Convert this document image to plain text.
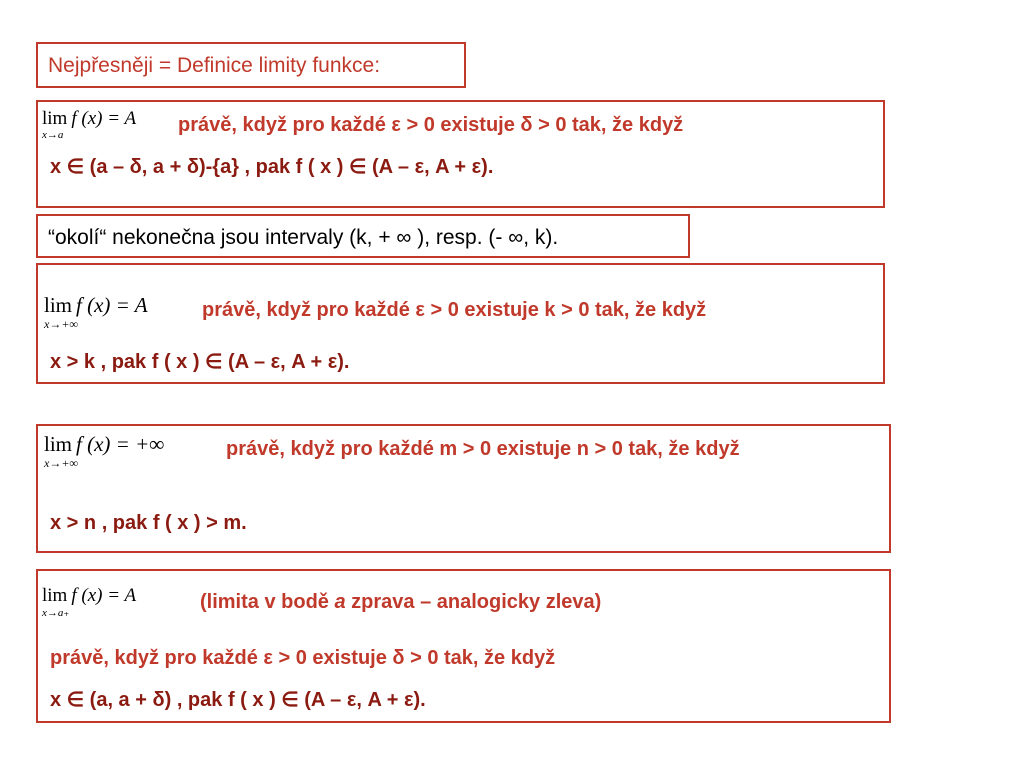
Nejpřesněji = Definice limity funkce:
lim f (x) = A
x→a	právě, když pro každé ε > 0 existuje δ > 0 tak, že když
x ∈ (a – δ, a + δ)-{a} , pak f ( x ) ∈ (A – ε, A + ε).
“okolí“ nekonečna jsou intervaly (k, + ∞ ), resp. (- ∞, k).
lim f (x) = A
x→+∞
právě, když pro každé ε > 0 existuje k > 0 tak, že když
x > k , pak f ( x ) ∈ (A – ε, A + ε).
lim f (x) = +∞
x→+∞
právě, když pro každé m > 0 existuje n > 0 tak, že když
x > n , pak f ( x ) > m.
lim f (x) = A
x→a₊	(limita v bodě a zprava – analogicky zleva)
právě, když pro každé ε > 0 existuje δ > 0 tak, že když
x ∈ (a, a + δ) , pak f ( x ) ∈ (A – ε, A + ε).
